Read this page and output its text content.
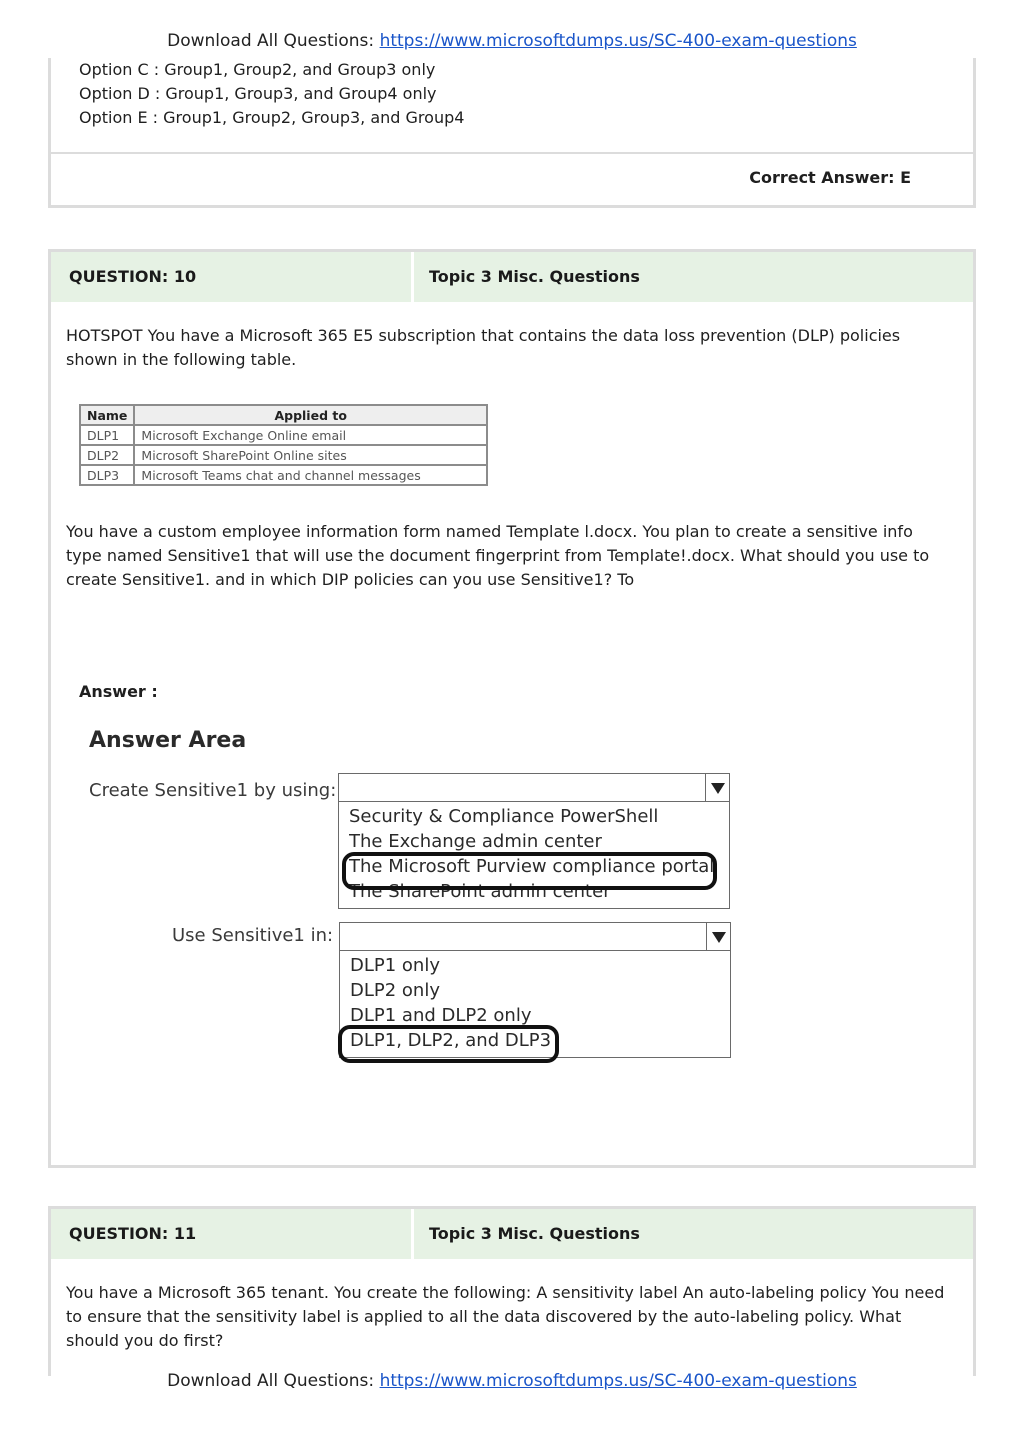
Download All Questions: https://www.microsoftdumps.us/SC-400-exam-questions
Option C : Group1, Group2, and Group3 only
Option D : Group1, Group3, and Group4 only
Option E : Group1, Group2, Group3, and Group4
Correct Answer: E
QUESTION: 10	Topic 3 Misc. Questions
HOTSPOT You have a Microsoft 365 E5 subscription that contains the data loss prevention (DLP) policies shown in the following table.
Name	Applied to
DLP1	Microsoft Exchange Online email
DLP2	Microsoft SharePoint Online sites
DLP3	Microsoft Teams chat and channel messages
You have a custom employee information form named Template l.docx. You plan to create a sensitive info type named Sensitive1 that will use the document fingerprint from Template!.docx. What should you use to create Sensitive1. and in which DIP policies can you use Sensitive1? To
Answer :
Answer Area
Create Sensitive1 by using:
Security & Compliance PowerShell
The Exchange admin center
The Microsoft Purview compliance portal
The SharePoint admin center
Use Sensitive1 in:
DLP1 only
DLP2 only
DLP1 and DLP2 only
DLP1, DLP2, and DLP3
QUESTION: 11	Topic 3 Misc. Questions
You have a Microsoft 365 tenant. You create the following: A sensitivity label An auto-labeling policy You need to ensure that the sensitivity label is applied to all the data discovered by the auto-labeling policy. What should you do first?
Download All Questions: https://www.microsoftdumps.us/SC-400-exam-questions
